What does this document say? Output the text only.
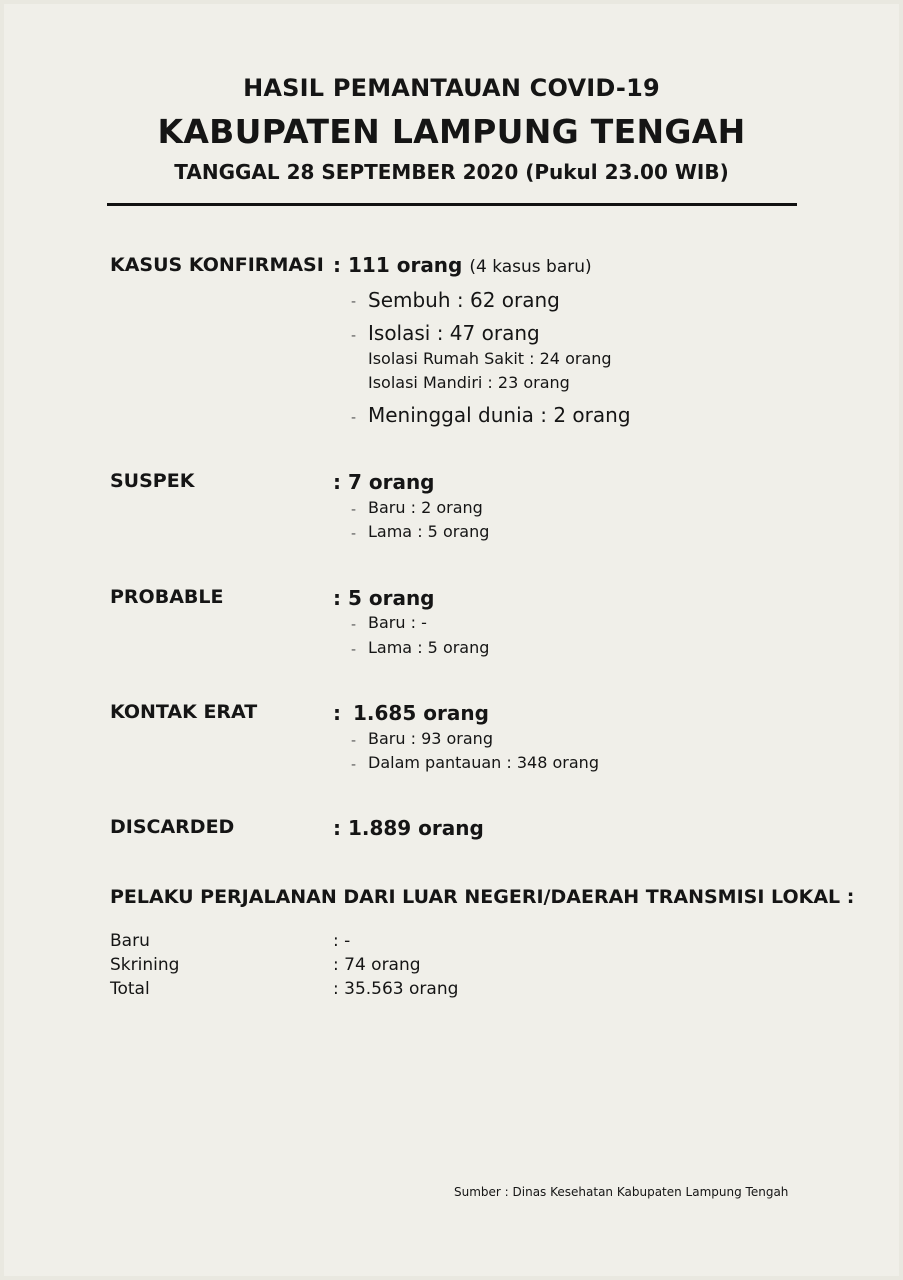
HASIL PEMANTAUAN COVID-19
KABUPATEN LAMPUNG TENGAH
TANGGAL 28 SEPTEMBER 2020 (Pukul 23.00 WIB)
KASUS KONFIRMASI : 111 orang (4 kasus baru)
- Sembuh : 62 orang
- Isolasi : 47 orang
Isolasi Rumah Sakit : 24 orang
Isolasi Mandiri : 23 orang
- Meninggal dunia : 2 orang
SUSPEK	: 7 orang
- Baru : 2 orang
- Lama : 5 orang
PROBABLE	: 5 orang
- Baru : -
- Lama : 5 orang
KONTAK ERAT	: 1.685 orang
- Baru : 93 orang
- Dalam pantauan : 348 orang
DISCARDED	: 1.889 orang
PELAKU PERJALANAN DARI LUAR NEGERI/DAERAH TRANSMISI LOKAL :
Baru	: -
Skrining	: 74 orang
Total	: 35.563 orang
Sumber : Dinas Kesehatan Kabupaten Lampung Tengah
